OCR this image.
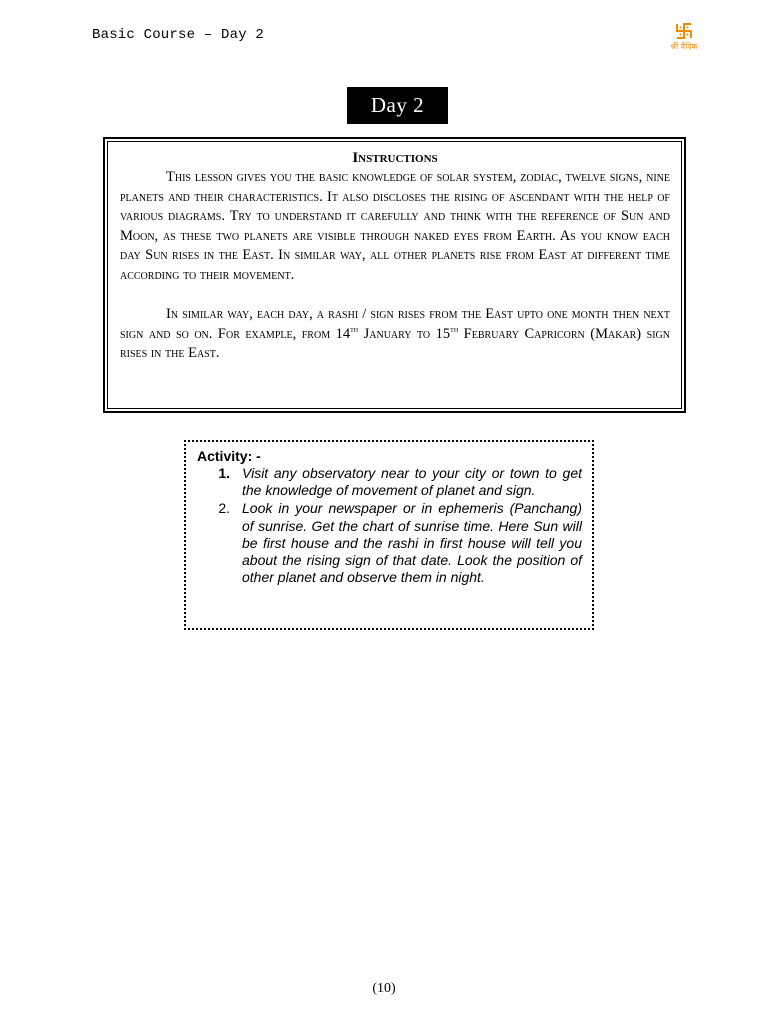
Basic Course – Day 2
श्री वैदिक
Day 2

Instructions

This lesson gives you the basic knowledge of solar system, zodiac, twelve signs, nine planets and their characteristics. It also discloses the rising of ascendant with the help of various diagrams. Try to understand it carefully and think with the reference of Sun and Moon, as these two planets are visible through naked eyes from Earth. As you know each day Sun rises in the East. In similar way, all other planets rise from East at different time according to their movement.

In similar way, each day, a rashi / sign rises from the East upto one month then next sign and so on. For example, from 14th January to 15th February Capricorn (Makar) sign rises in the East.

Activity: -

1. Visit any observatory near to your city or town to get the knowledge of movement of planet and sign.
2. Look in your newspaper or in ephemeris (Panchang) of sunrise. Get the chart of sunrise time. Here Sun will be first house and the rashi in first house will tell you about the rising sign of that date. Look the position of other planet and observe them in night.
(10)
